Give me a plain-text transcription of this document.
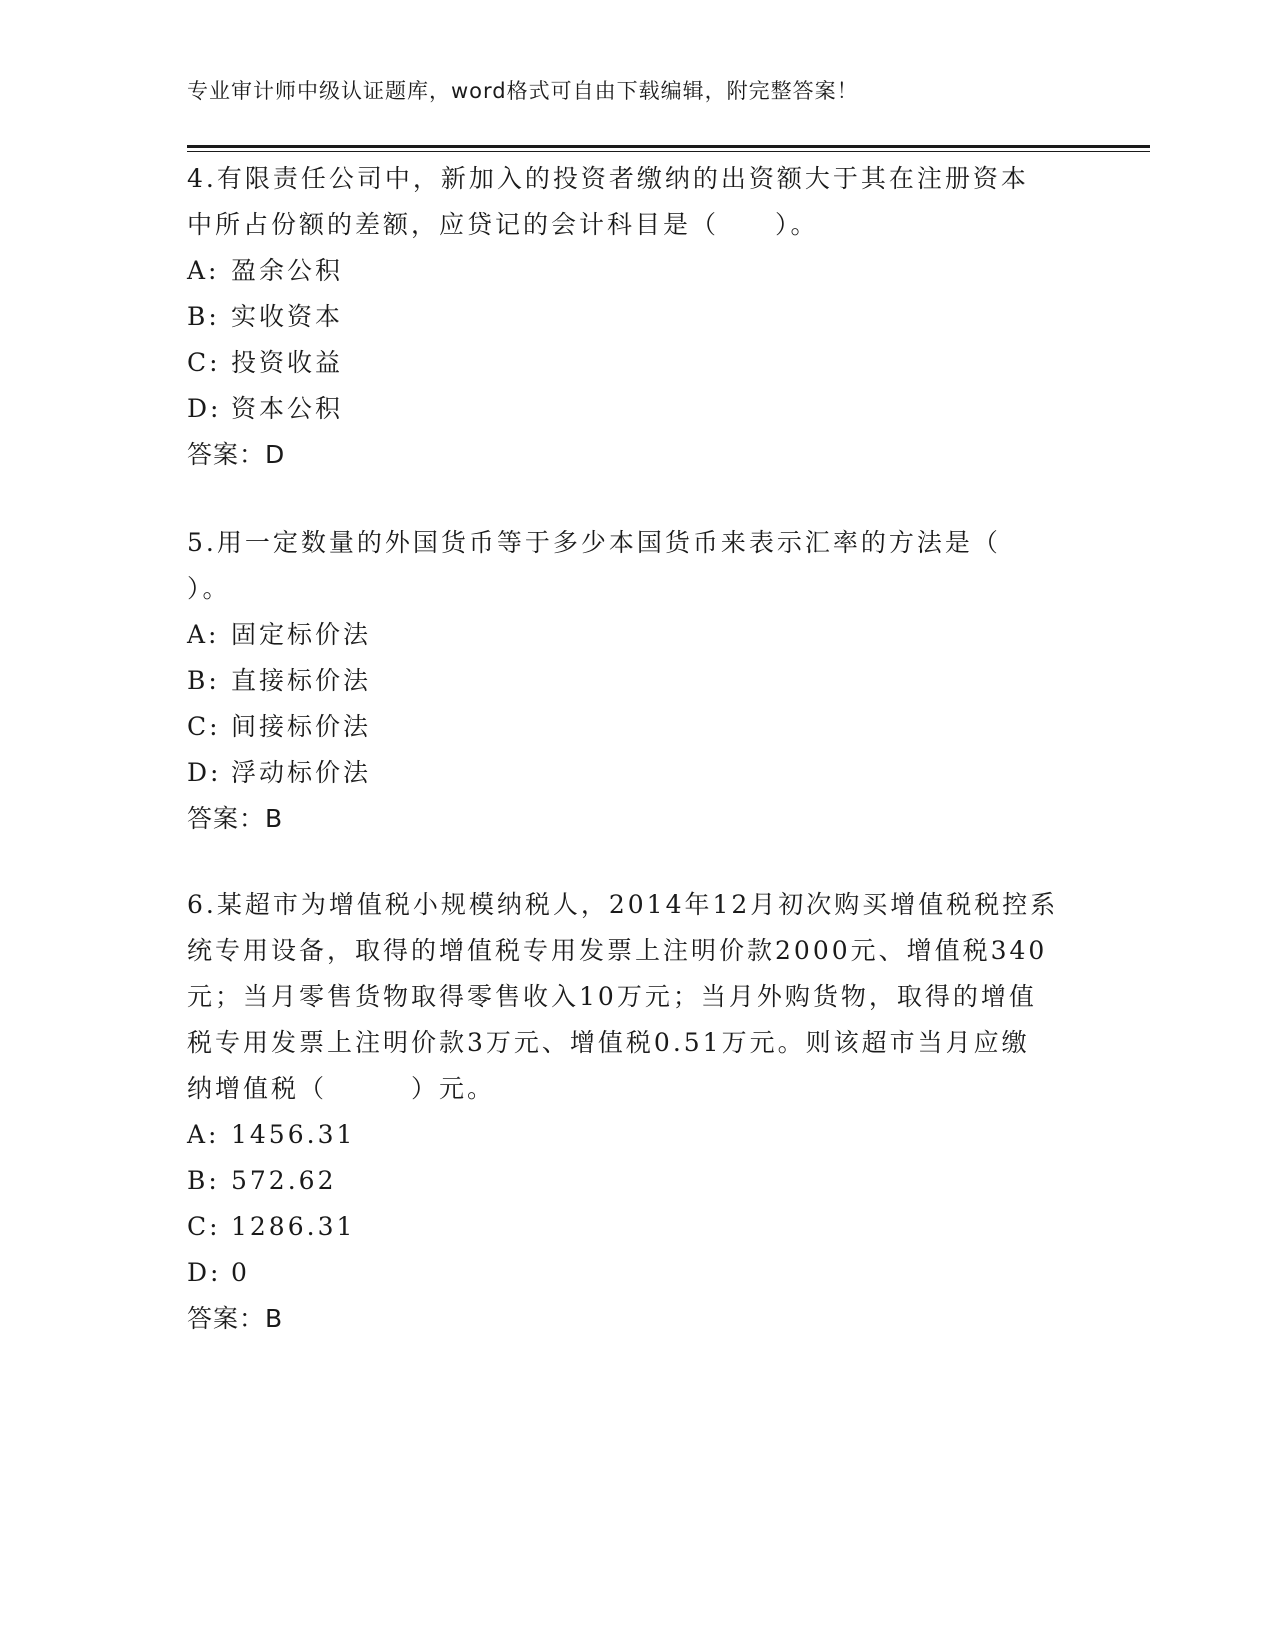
专业审计师中级认证题库，word格式可自由下载编辑，附完整答案！

4.有限责任公司中，新加入的投资者缴纳的出资额大于其在注册资本

中所占份额的差额，应贷记的会计科目是（　　）。

A: 盈余公积

B: 实收资本

C: 投资收益

D: 资本公积

答案：D

5.用一定数量的外国货币等于多少本国货币来表示汇率的方法是（

）。

A: 固定标价法

B: 直接标价法

C: 间接标价法

D: 浮动标价法

答案：B

6.某超市为增值税小规模纳税人，2014年12月初次购买增值税税控系

统专用设备，取得的增值税专用发票上注明价款2000元、增值税340

元；当月零售货物取得零售收入10万元；当月外购货物，取得的增值

税专用发票上注明价款3万元、增值税0.51万元。则该超市当月应缴

纳增值税（　　　）元。

A: 1456.31

B: 572.62

C: 1286.31

D: 0

答案：B
